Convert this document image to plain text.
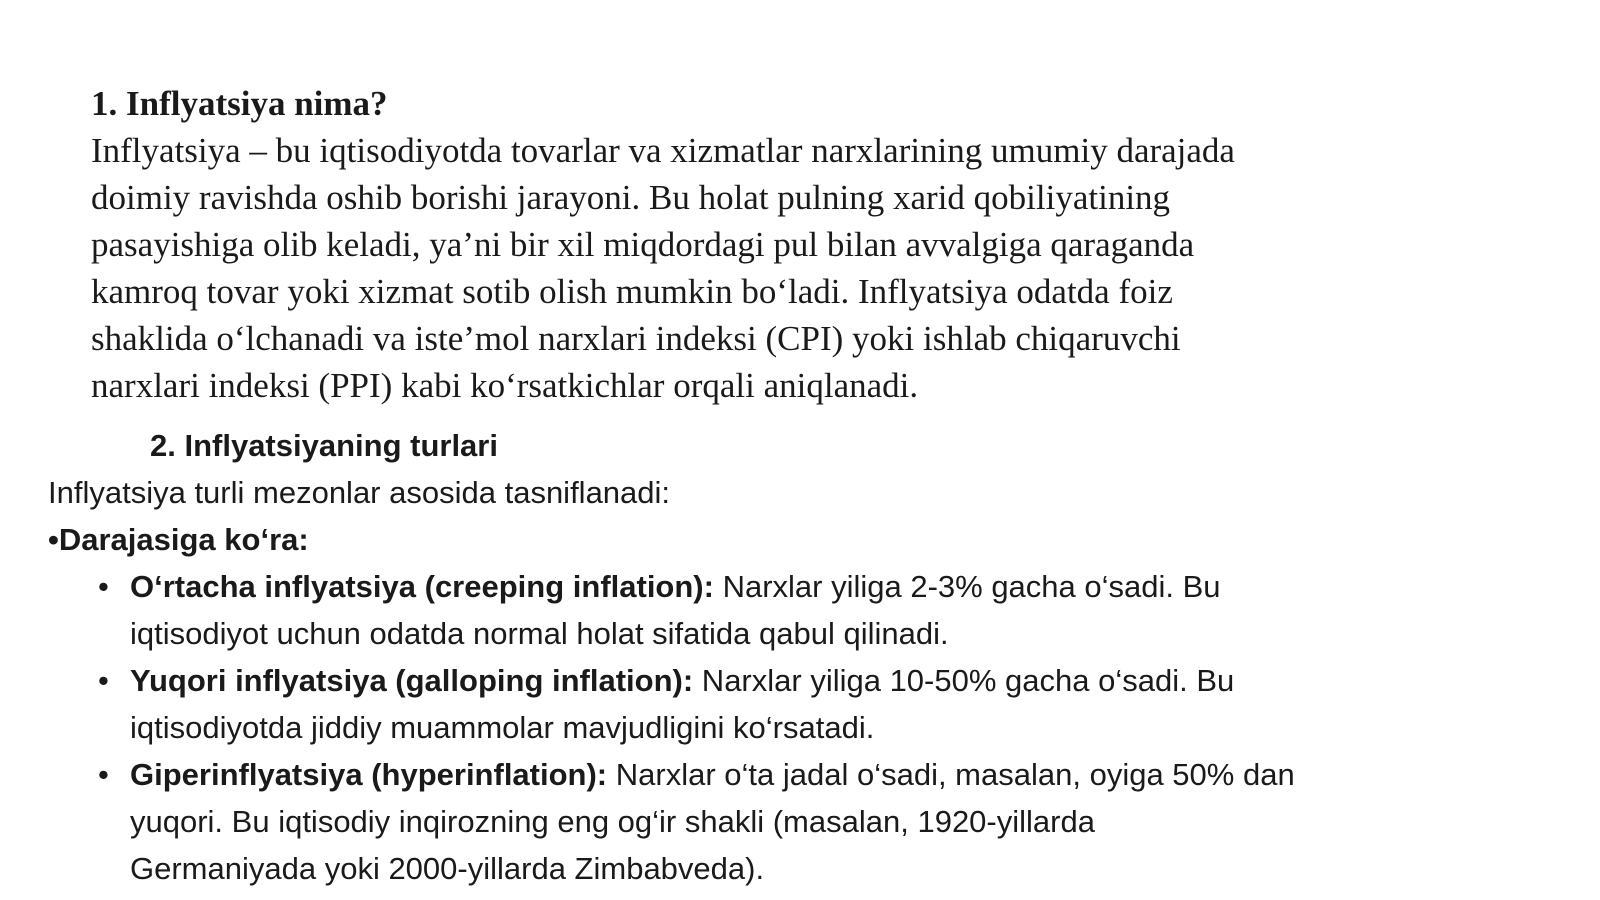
1. Inflyatsiya nima?
Inflyatsiya – bu iqtisodiyotda tovarlar va xizmatlar narxlarining umumiy darajada
doimiy ravishda oshib borishi jarayoni. Bu holat pulning xarid qobiliyatining
pasayishiga olib keladi, ya’ni bir xil miqdordagi pul bilan avvalgiga qaraganda
kamroq tovar yoki xizmat sotib olish mumkin bo‘ladi. Inflyatsiya odatda foiz
shaklida o‘lchanadi va iste’mol narxlari indeksi (CPI) yoki ishlab chiqaruvchi
narxlari indeksi (PPI) kabi ko‘rsatkichlar orqali aniqlanadi.
2. Inflyatsiyaning turlari
Inflyatsiya turli mezonlar asosida tasniflanadi:
•Darajasiga ko‘ra:
• O‘rtacha inflyatsiya (creeping inflation): Narxlar yiliga 2-3% gacha o‘sadi. Bu
iqtisodiyot uchun odatda normal holat sifatida qabul qilinadi.
• Yuqori inflyatsiya (galloping inflation): Narxlar yiliga 10-50% gacha o‘sadi. Bu
iqtisodiyotda jiddiy muammolar mavjudligini ko‘rsatadi.
• Giperinflyatsiya (hyperinflation): Narxlar o‘ta jadal o‘sadi, masalan, oyiga 50% dan
yuqori. Bu iqtisodiy inqirozning eng og‘ir shakli (masalan, 1920-yillarda
Germaniyada yoki 2000-yillarda Zimbabveda).
